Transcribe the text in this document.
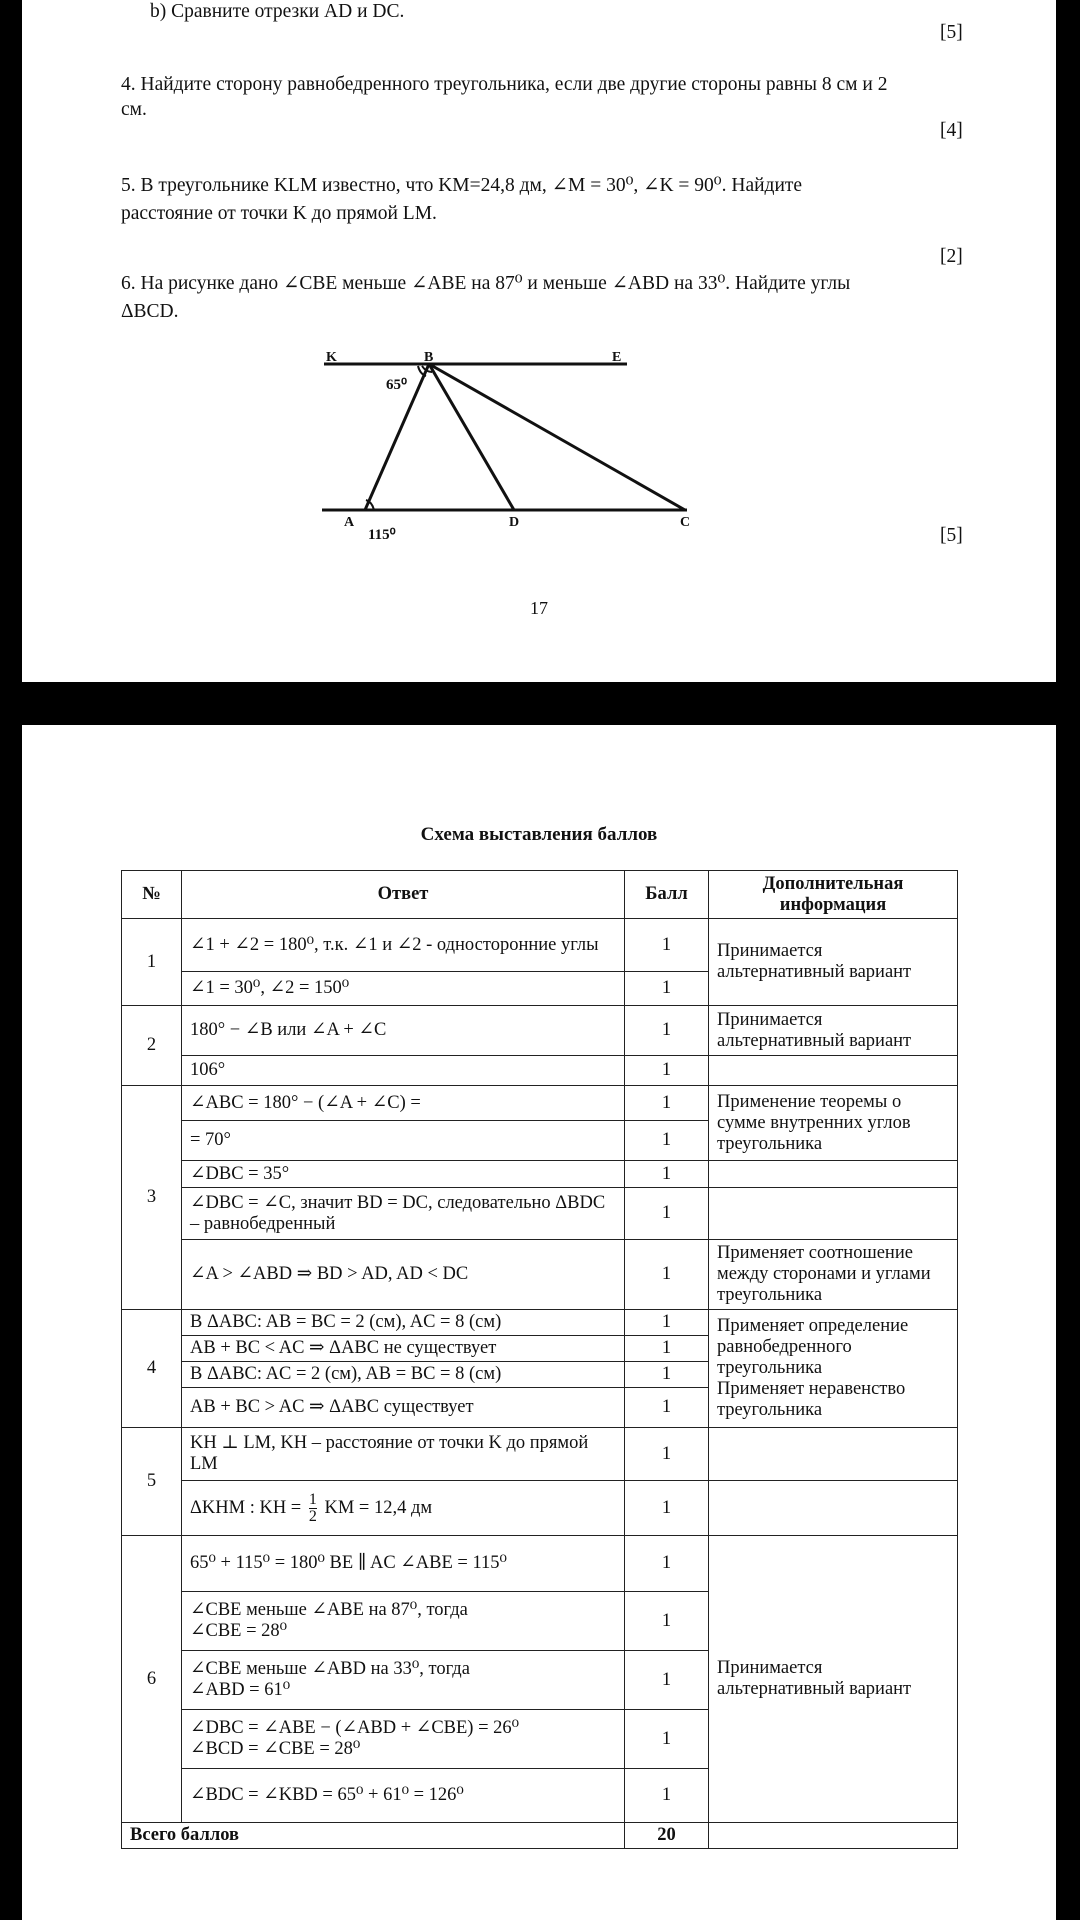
b) Сравните отрезки AD и DC.
[5]
4. Найдите сторону равнобедренного треугольника, если две другие стороны равны 8 см и 2
см.
[4]
5. В треугольнике KLM известно, что KM=24,8 дм, ∠M = 30⁰, ∠K = 90⁰. Найдите
расстояние от точки K до прямой LM.
[2]
6. На рисунке дано ∠CBE меньше ∠ABE на 87⁰ и меньше ∠ABD на 33⁰. Найдите углы
ΔBCD.
K	B	E
A	D	C
65⁰
115⁰	[5]
17
Схема выставления баллов
№	Ответ	Балл	Дополнительная информация
1	∠1 + ∠2 = 180⁰, т.к. ∠1 и ∠2 - односторонние углы	1	Принимается альтернативный вариант
	∠1 = 30⁰, ∠2 = 150⁰	1	
2	180° − ∠B или ∠A + ∠C	1	Принимается альтернативный вариант
	106°	1	
3	∠ABC = 180° − (∠A + ∠C) =	1	Применение теоремы о сумме внутренних углов треугольника
	= 70°	1	
	∠DBC = 35°	1	
	∠DBC = ∠C, значит BD = DC, следовательно ΔBDC – равнобедренный	1	
	∠A > ∠ABD ⇒ BD > AD, AD < DC	1	Применяет соотношение между сторонами и углами треугольника
4	В ΔABC: AB = BC = 2 (см), AC = 8 (см)	1	Применяет определение равнобедренного треугольника
Применяет неравенство треугольника

	AB + BC < AC ⇒ ΔABC не существует	1	
	В ΔABC: AC = 2 (см), AB = BC = 8 (см)	1	
	AB + BC > AC ⇒ ΔABC существует	1	
5	KH ⊥ LM, KH – расстояние от точки K до прямой LM	1	
	ΔKHM : KH = $\frac{1}{2}$ KM = 12,4 дм	1	
6	65⁰ + 115⁰ = 180⁰ BE ∥ AC ∠ABE = 115⁰	1	Принимается альтернативный вариант

	∠CBE меньше ∠ABE на 87⁰, тогда
∠CBE = 28⁰	1	

	∠CBE меньше ∠ABD на 33⁰, тогда
∠ABD = 61⁰	1	

	∠DBC = ∠ABE − (∠ABD + ∠CBE) = 26⁰
∠BCD = ∠CBE = 28⁰	1	
	∠BDC = ∠KBD = 65⁰ + 61⁰ = 126⁰	1	
Всего баллов		20	
